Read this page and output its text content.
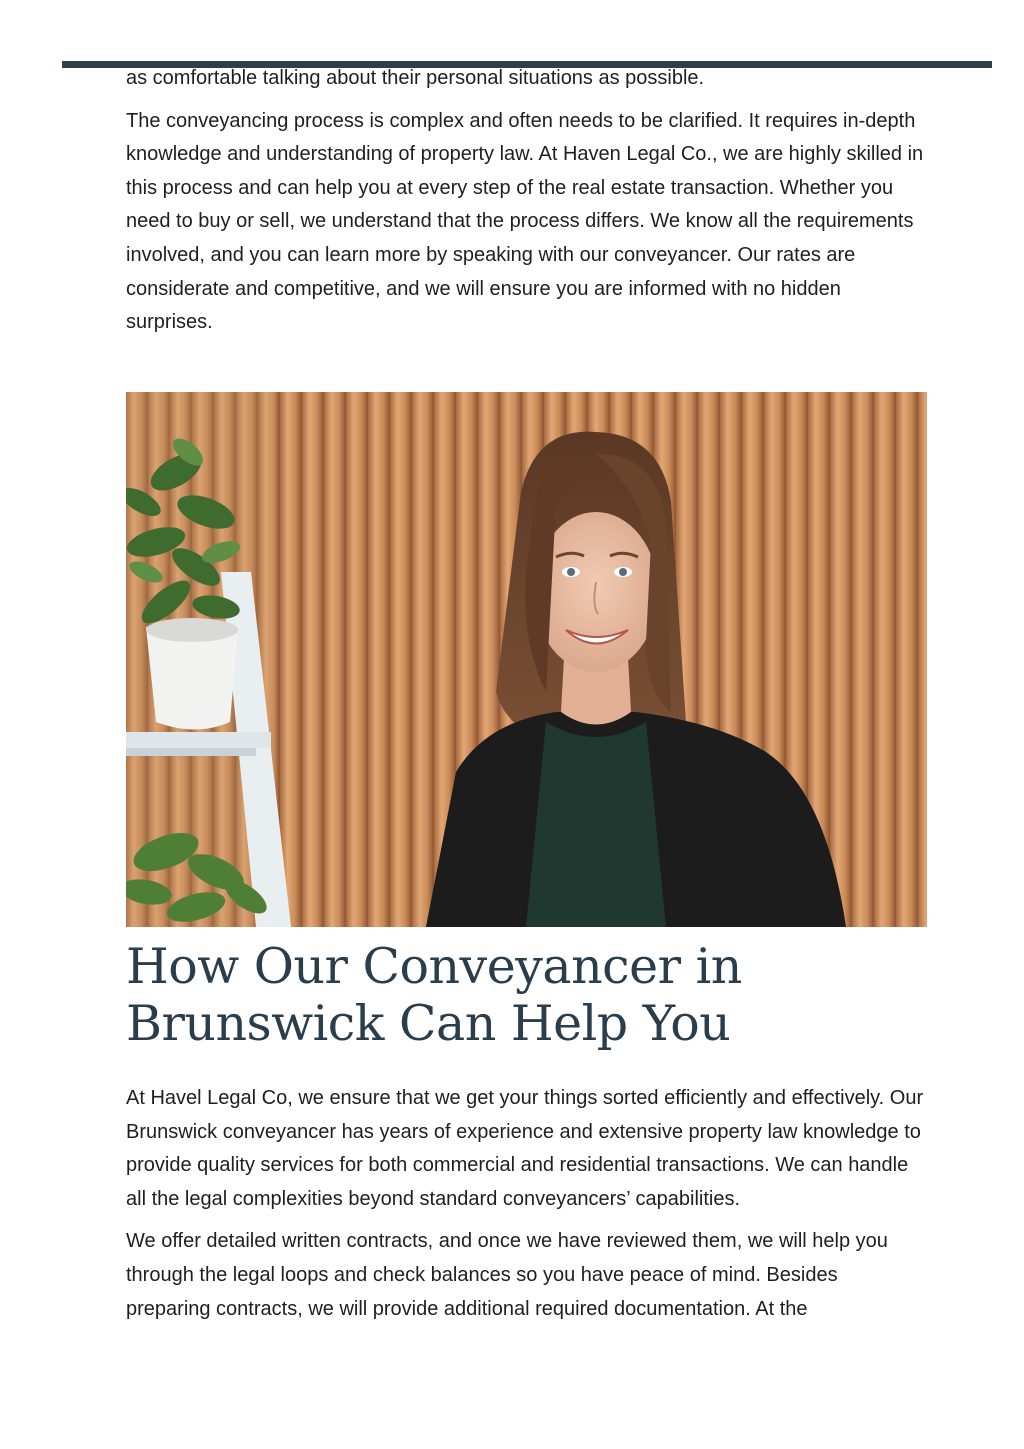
as comfortable talking about their personal situations as possible.

The conveyancing process is complex and often needs to be clarified. It requires in-depth knowledge and understanding of property law. At Haven Legal Co., we are highly skilled in this process and can help you at every step of the real estate transaction. Whether you need to buy or sell, we understand that the process differs. We know all the requirements involved, and you can learn more by speaking with our conveyancer. Our rates are considerate and competitive, and we will ensure you are informed with no hidden surprises.

How Our Conveyancer in Brunswick Can Help You

At Havel Legal Co, we ensure that we get your things sorted efficiently and effectively. Our Brunswick conveyancer has years of experience and extensive property law knowledge to provide quality services for both commercial and residential transactions. We can handle all the legal complexities beyond standard conveyancers’ capabilities.

We offer detailed written contracts, and once we have reviewed them, we will help you through the legal loops and check balances so you have peace of mind. Besides preparing contracts, we will provide additional required documentation. At the
